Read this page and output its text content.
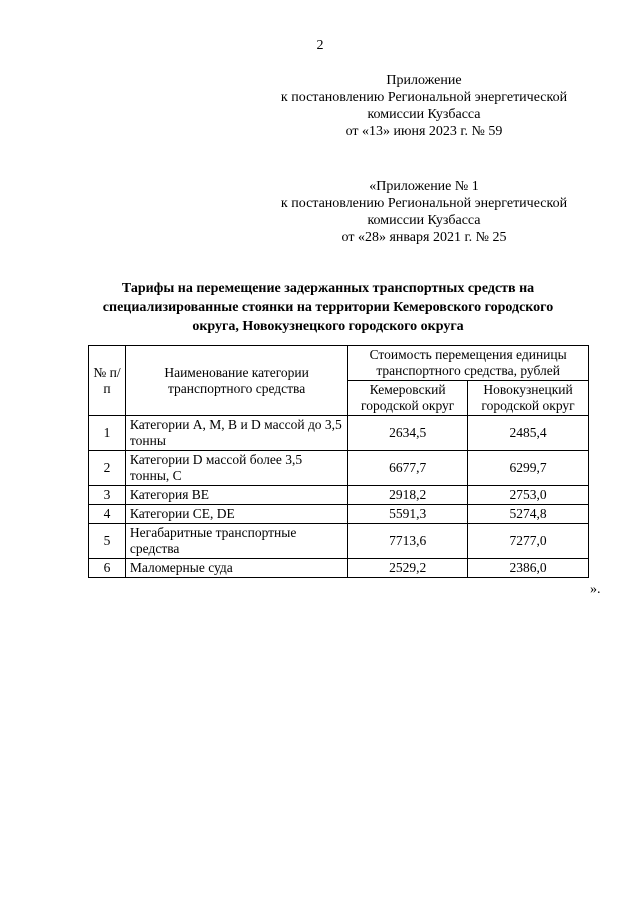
2
Приложение
к постановлению Региональной энергетической
комиссии Кузбасса
от «13» июня 2023 г. № 59
«Приложение № 1
к постановлению Региональной энергетической
комиссии Кузбасса
от «28» января 2021 г. № 25
Тарифы на перемещение задержанных транспортных средств на
специализированные стоянки на территории Кемеровского городского
округа, Новокузнецкого городского округа
№ п/п	Наименование категории транспортного средства	Стоимость перемещения единицы транспортного средства, рублей	
		Кемеровский городской округ	Новокузнецкий городской округ
1	Категории A, M, B и D массой до 3,5 тонны	2634,5	2485,4
2	Категории D массой более 3,5 тонны, C	6677,7	6299,7
3	Категория BE	2918,2	2753,0
4	Категории CE, DE	5591,3	5274,8
5	Негабаритные транспортные средства	7713,6	7277,0
6	Маломерные суда	2529,2	2386,0
».
